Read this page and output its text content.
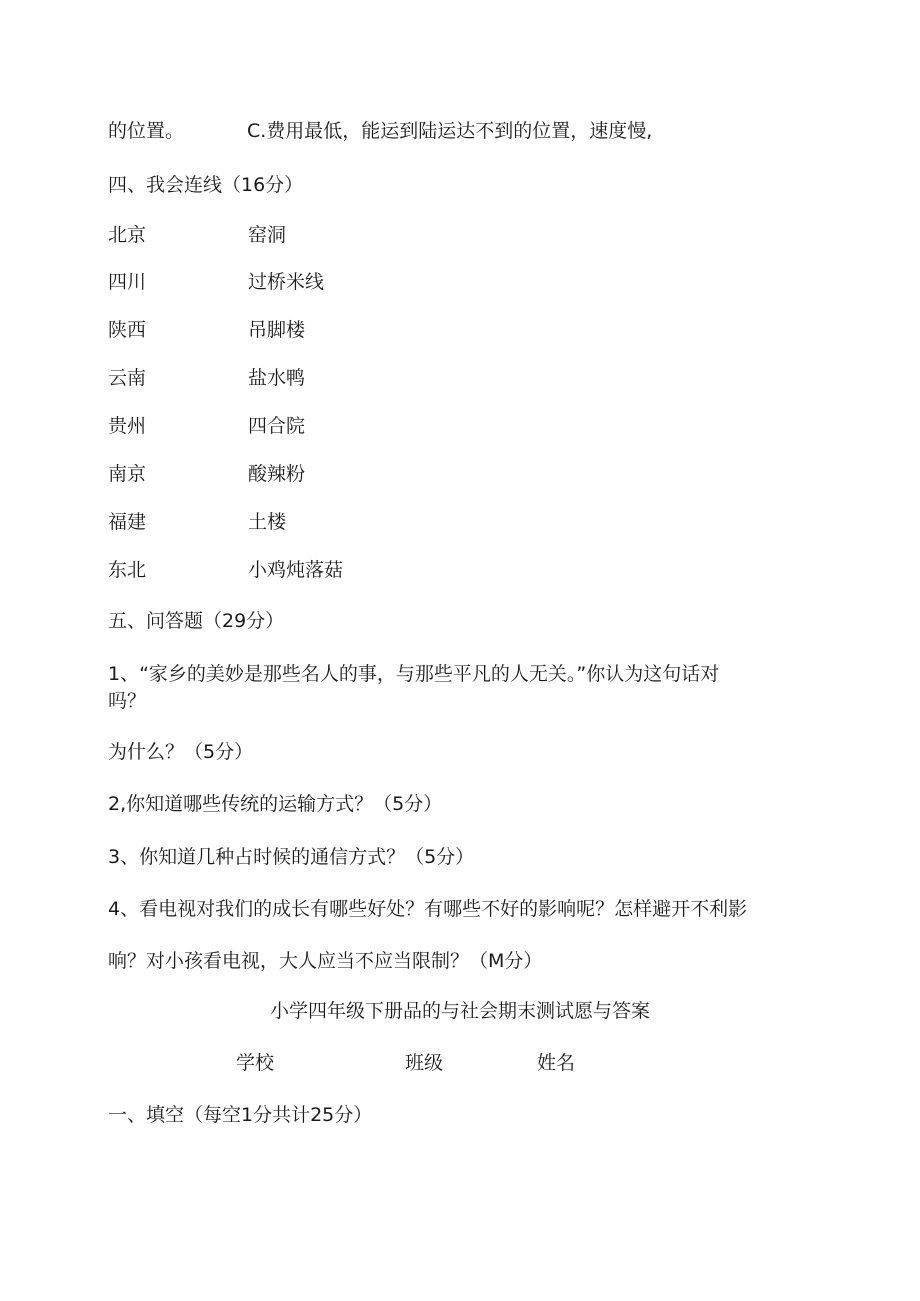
的位置。	C.费用最低，能运到陆运达不到的位置，速度慢,
四、我会连线（16分）
北京	窑洞
四川	过桥米线
陕西	吊脚楼
云南	盐水鸭
贵州	四合院
南京	酸辣粉
福建	土楼
东北	小鸡炖落菇
五、问答题（29分）
1、“家乡的美妙是那些名人的事，与那些平凡的人无关。”你认为这句话对
吗？
为什么？（5分）
2,你知道哪些传统的运输方式？（5分）
3、你知道几种占时候的通信方式？（5分）
4、看电视对我们的成长有哪些好处？有哪些不好的影响呢？怎样避开不利影
响？对小孩看电视，大人应当不应当限制？（M分）
小学四年级下册品的与社会期末测试愿与答案
学校	班级	姓名
一、填空（每空1分共计25分）
